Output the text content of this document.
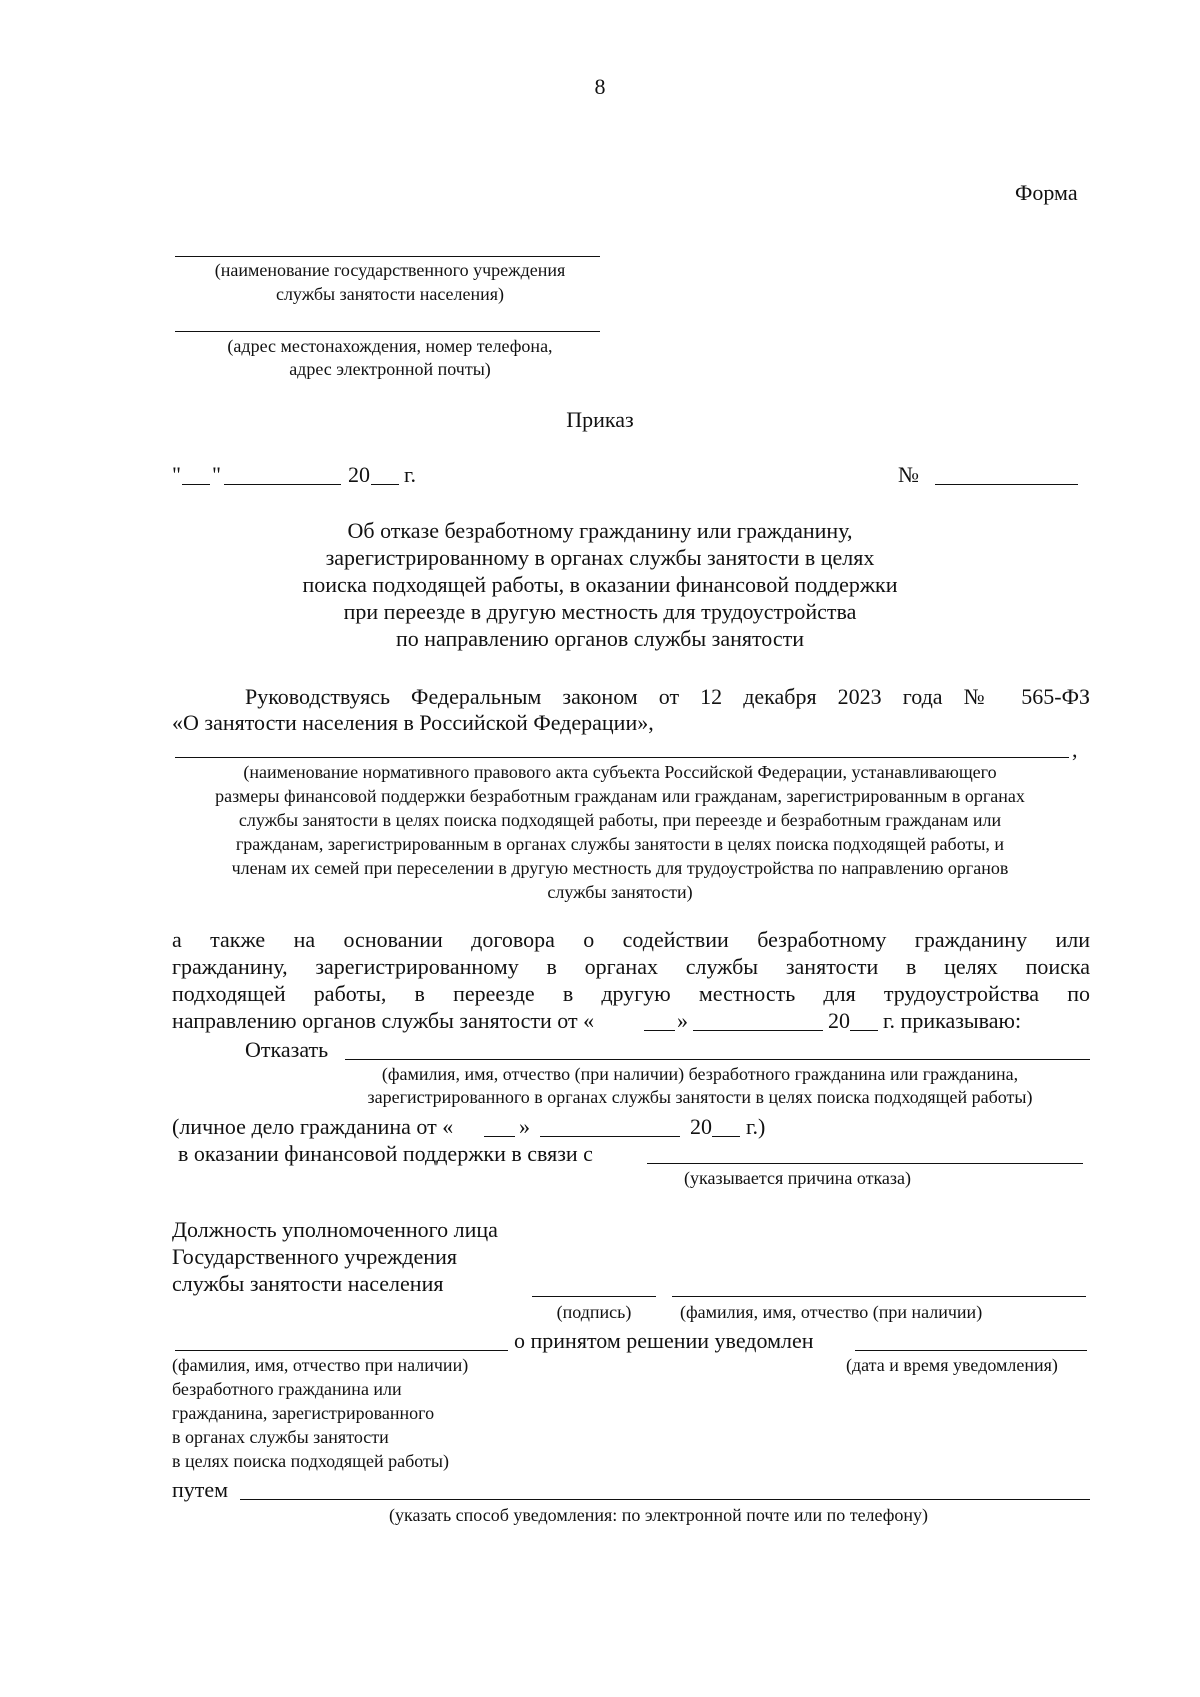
8
Форма
(наименование государственного учреждения
службы занятости населения)
(адрес местонахождения, номер телефона,
адрес электронной почты)
Приказ
" "	20 г.	№
Об отказе безработному гражданину или гражданину,
зарегистрированному в органах службы занятости в целях
поиска подходящей работы, в оказании финансовой поддержки
при переезде в другую местность для трудоустройства
по направлению органов службы занятости
Руководствуясь Федеральным законом от 12 декабря 2023 года № 565-ФЗ
«О занятости населения в Российской Федерации»,
,
(наименование нормативного правового акта субъекта Российской Федерации, устанавливающего
размеры финансовой поддержки безработным гражданам или гражданам, зарегистрированным в органах
службы занятости в целях поиска подходящей работы, при переезде и безработным гражданам или
гражданам, зарегистрированным в органах службы занятости в целях поиска подходящей работы, и
членам их семей при переселении в другую местность для трудоустройства по направлению органов
службы занятости)
а также на основании договора о содействии безработному гражданину или
гражданину, зарегистрированному в органах службы занятости в целях поиска
подходящей работы, в переезде в другую местность для трудоустройства по
направлению органов службы занятости от «	»	20 г. приказываю:
Отказать
(фамилия, имя, отчество (при наличии) безработного гражданина или гражданина,
зарегистрированного в органах службы занятости в целях поиска подходящей работы)
(личное дело гражданина от «	»	20 г.)
в оказании финансовой поддержки в связи с
(указывается причина отказа)
Должность уполномоченного лица
Государственного учреждения
службы занятости населения
(подпись)	(фамилия, имя, отчество (при наличии)
о принятом решении уведомлен
(фамилия, имя, отчество при наличии)	(дата и время уведомления)
безработного гражданина или
гражданина, зарегистрированного
в органах службы занятости
в целях поиска подходящей работы)
путем
(указать способ уведомления: по электронной почте или по телефону)
